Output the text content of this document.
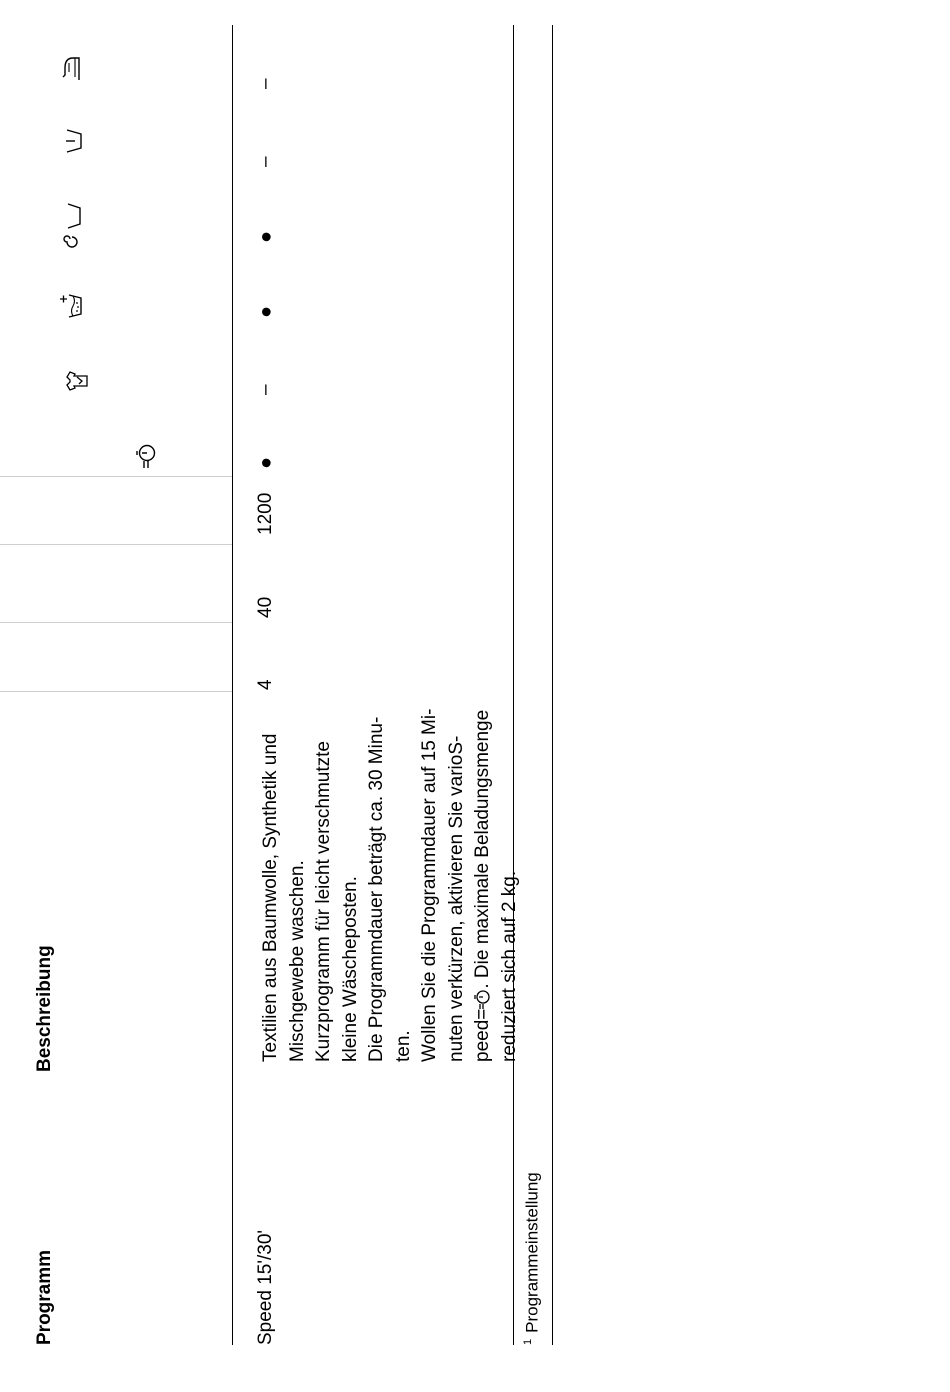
Programm
Beschreibung
Speed 15'/30'
Textilien aus Baumwolle, Synthetik und Mischgewebe waschen. Kurzprogramm für leicht verschmutzte kleine Wäscheposten. Die Programmdauer beträgt ca. 30 Minu- ten. Wollen Sie die Programmdauer auf 15 Mi- nuten verkürzen, aktivieren Sie varioS- peed=. Die maximale Beladungsmenge reduziert sich auf 2 kg.
4
40
1200
●
–
●
●
–
–
$^1$Programmeinstellung
